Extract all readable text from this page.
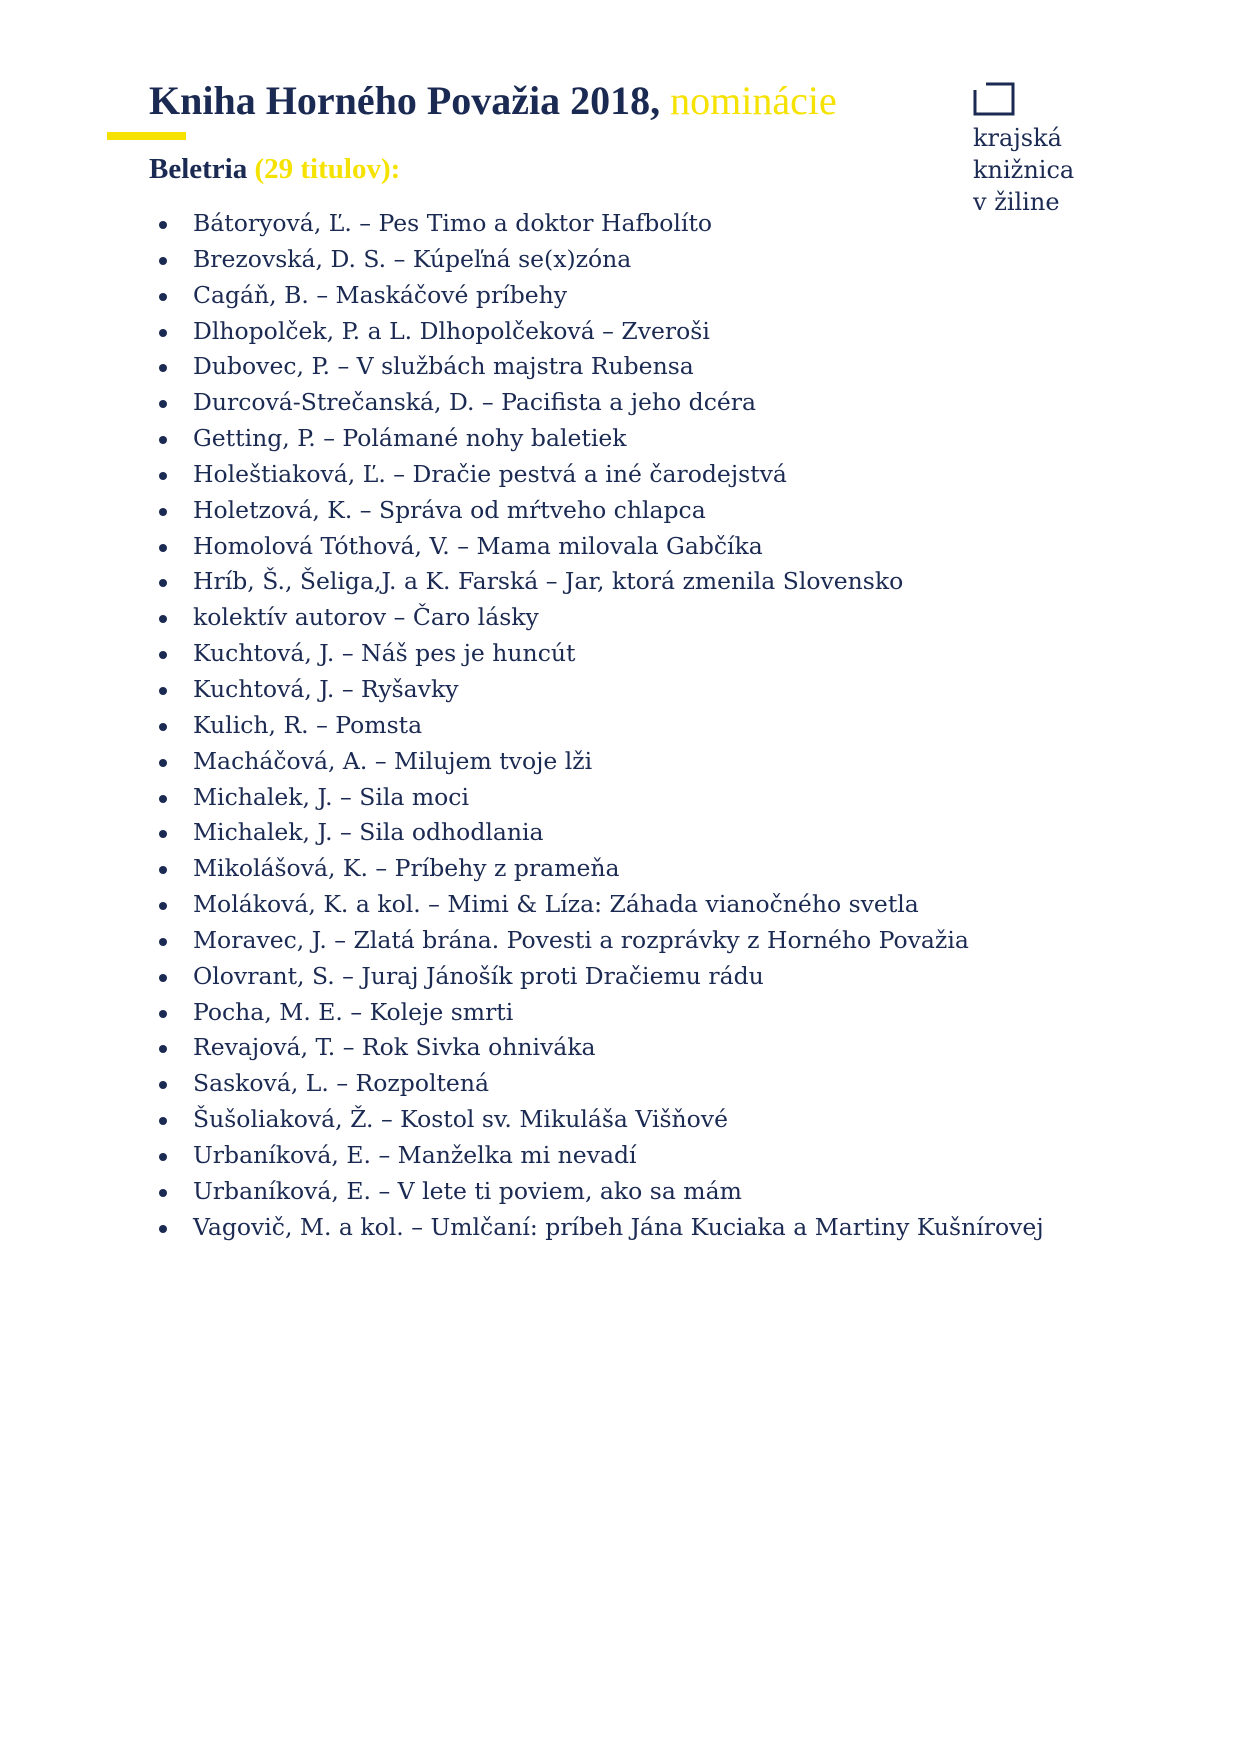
Kniha Horného Považia 2018, nominácie
Beletria (29 titulov):
krajská
knižnica
v žiline
Bátoryová, Ľ. – Pes Timo a doktor Hafbolíto
Brezovská, D. S. – Kúpeľná se(x)zóna
Cagáň, B. – Maskáčové príbehy
Dlhopolček, P. a L. Dlhopolčeková – Zveroši
Dubovec, P. – V službách majstra Rubensa
Durcová-Strečanská, D. – Pacifista a jeho dcéra
Getting, P. – Polámané nohy baletiek
Holeštiaková, Ľ. – Dračie pestvá a iné čarodejstvá
Holetzová, K. – Správa od mŕtveho chlapca
Homolová Tóthová, V. – Mama milovala Gabčíka
Hríb, Š., Šeliga,J. a K. Farská – Jar, ktorá zmenila Slovensko
kolektív autorov – Čaro lásky
Kuchtová, J. – Náš pes je huncút
Kuchtová, J. – Ryšavky
Kulich, R. – Pomsta
Macháčová, A. – Milujem tvoje lži
Michalek, J. – Sila moci
Michalek, J. – Sila odhodlania
Mikolášová, K. – Príbehy z prameňa
Moláková, K. a kol. – Mimi & Líza: Záhada vianočného svetla
Moravec, J. – Zlatá brána. Povesti a rozprávky z Horného Považia
Olovrant, S. – Juraj Jánošík proti Dračiemu rádu
Pocha, M. E. – Koleje smrti
Revajová, T. – Rok Sivka ohniváka
Sasková, L. – Rozpoltená
Šušoliaková, Ž. – Kostol sv. Mikuláša Višňové
Urbaníková, E. – Manželka mi nevadí
Urbaníková, E. – V lete ti poviem, ako sa mám
Vagovič, M. a kol. – Umlčaní: príbeh Jána Kuciaka a Martiny Kušnírovej
